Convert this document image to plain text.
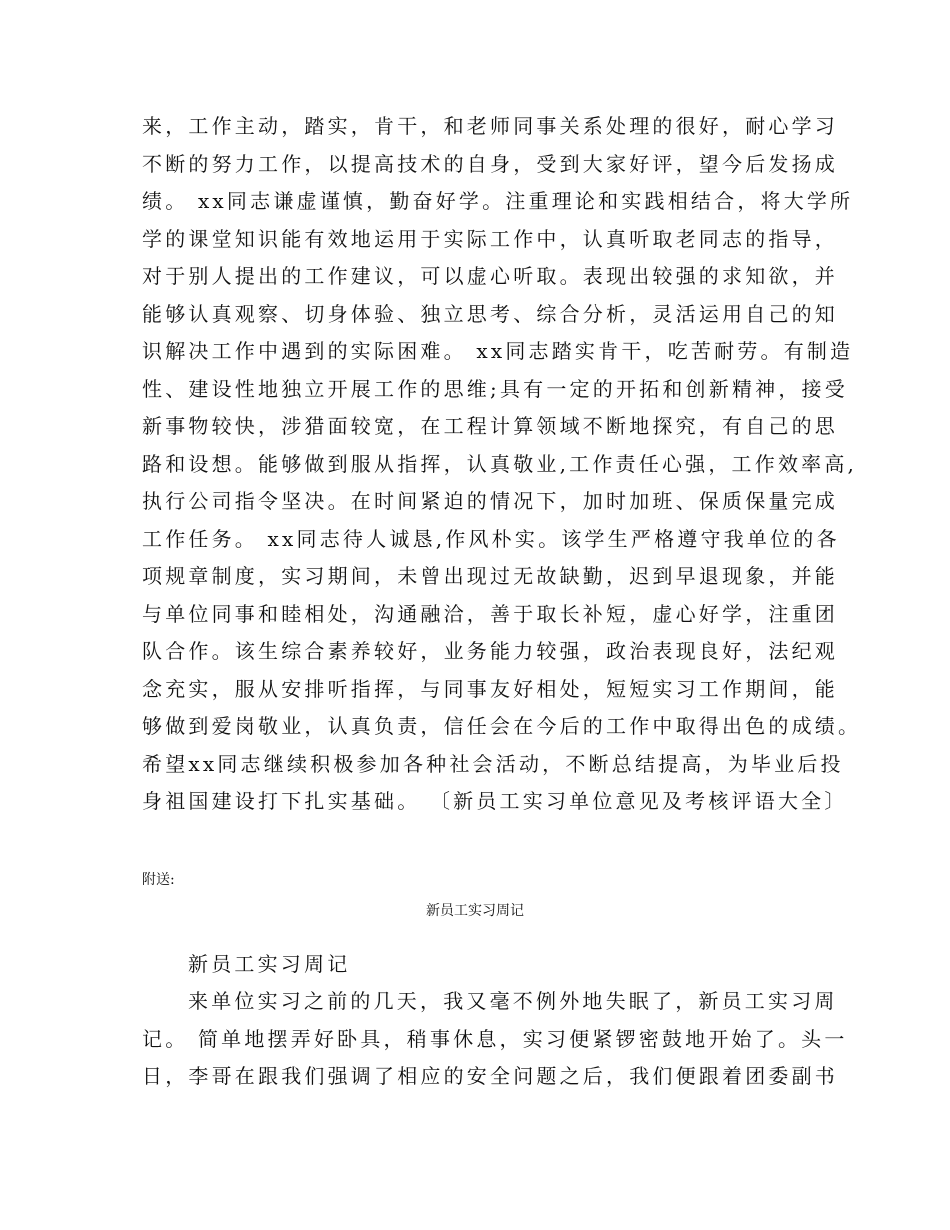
来，工作主动，踏实，肯干，和老师同事关系处理的很好，耐心学习
不断的努力工作，以提高技术的自身，受到大家好评，望今后发扬成
绩。 xx同志谦虚谨慎，勤奋好学。注重理论和实践相结合，将大学所
学的课堂知识能有效地运用于实际工作中，认真听取老同志的指导，
对于别人提出的工作建议，可以虚心听取。表现出较强的求知欲，并
能够认真观察、切身体验、独立思考、综合分析，灵活运用自己的知
识解决工作中遇到的实际困难。 xx同志踏实肯干，吃苦耐劳。有制造
性、建设性地独立开展工作的思维;具有一定的开拓和创新精神，接受
新事物较快，涉猎面较宽，在工程计算领域不断地探究，有自己的思
路和设想。能够做到服从指挥，认真敬业,工作责任心强，工作效率高,
执行公司指令坚决。在时间紧迫的情况下，加时加班、保质保量完成
工作任务。 xx同志待人诚恳,作风朴实。该学生严格遵守我单位的各
项规章制度，实习期间，未曾出现过无故缺勤，迟到早退现象，并能
与单位同事和睦相处，沟通融洽，善于取长补短，虚心好学，注重团
队合作。该生综合素养较好，业务能力较强，政治表现良好，法纪观
念充实，服从安排听指挥，与同事友好相处，短短实习工作期间，能
够做到爱岗敬业，认真负责，信任会在今后的工作中取得出色的成绩。
希望xx同志继续积极参加各种社会活动，不断总结提高，为毕业后投
身祖国建设打下扎实基础。 〔新员工实习单位意见及考核评语大全〕
附送:
新员工实习周记
新员工实习周记
来单位实习之前的几天，我又毫不例外地失眠了，新员工实习周
记。 简单地摆弄好卧具，稍事休息，实习便紧锣密鼓地开始了。头一
日，李哥在跟我们强调了相应的安全问题之后，我们便跟着团委副书
